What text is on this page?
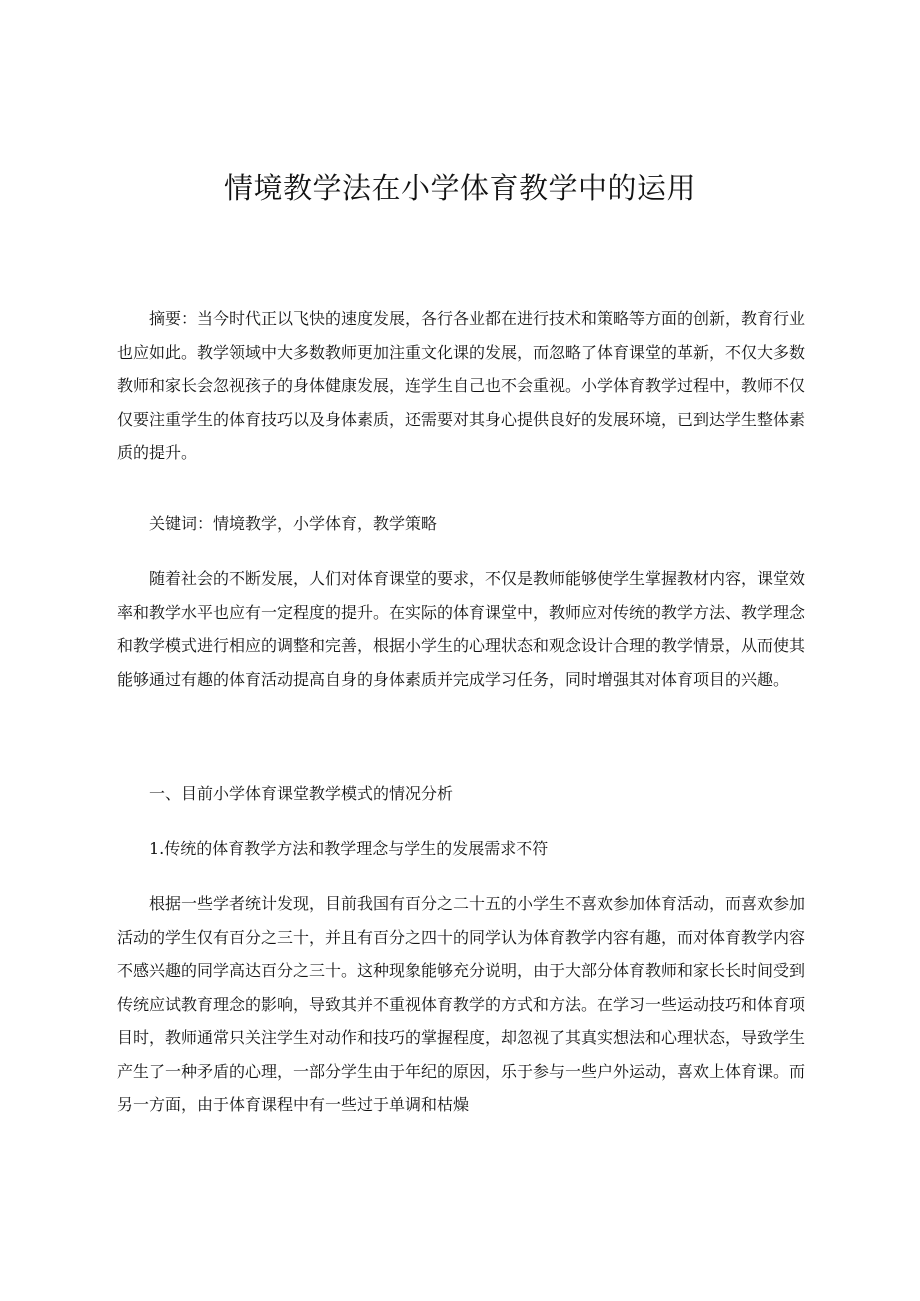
情境教学法在小学体育教学中的运用

摘要：当今时代正以飞快的速度发展，各行各业都在进行技术和策略等方面的创新，教育行业也应如此。教学领域中大多数教师更加注重文化课的发展，而忽略了体育课堂的革新，不仅大多数教师和家长会忽视孩子的身体健康发展，连学生自己也不会重视。小学体育教学过程中，教师不仅仅要注重学生的体育技巧以及身体素质，还需要对其身心提供良好的发展环境，已到达学生整体素质的提升。

关键词：情境教学，小学体育，教学策略

随着社会的不断发展，人们对体育课堂的要求，不仅是教师能够使学生掌握教材内容，课堂效率和教学水平也应有一定程度的提升。在实际的体育课堂中，教师应对传统的教学方法、教学理念和教学模式进行相应的调整和完善，根据小学生的心理状态和观念设计合理的教学情景，从而使其能够通过有趣的体育活动提高自身的身体素质并完成学习任务，同时增强其对体育项目的兴趣。

一、目前小学体育课堂教学模式的情况分析

1.传统的体育教学方法和教学理念与学生的发展需求不符

根据一些学者统计发现，目前我国有百分之二十五的小学生不喜欢参加体育活动，而喜欢参加活动的学生仅有百分之三十，并且有百分之四十的同学认为体育教学内容有趣，而对体育教学内容不感兴趣的同学高达百分之三十。这种现象能够充分说明，由于大部分体育教师和家长长时间受到传统应试教育理念的影响，导致其并不重视体育教学的方式和方法。在学习一些运动技巧和体育项目时，教师通常只关注学生对动作和技巧的掌握程度，却忽视了其真实想法和心理状态，导致学生产生了一种矛盾的心理，一部分学生由于年纪的原因，乐于参与一些户外运动，喜欢上体育课。而另一方面，由于体育课程中有一些过于单调和枯燥
